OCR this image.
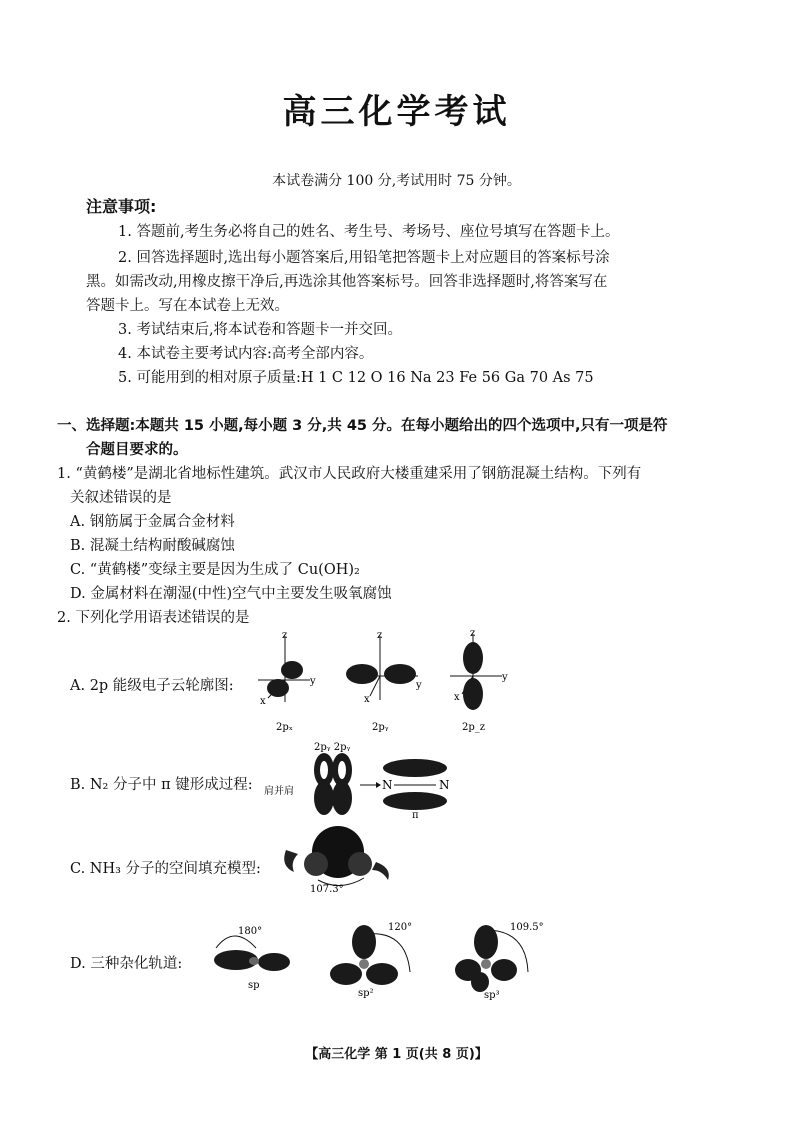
高三化学考试
本试卷满分 100 分,考试用时 75 分钟。
注意事项:
1. 答题前,考生务必将自己的姓名、考生号、考场号、座位号填写在答题卡上。
2. 回答选择题时,选出每小题答案后,用铅笔把答题卡上对应题目的答案标号涂
黑。如需改动,用橡皮擦干净后,再选涂其他答案标号。回答非选择题时,将答案写在
答题卡上。写在本试卷上无效。
3. 考试结束后,将本试卷和答题卡一并交回。
4. 本试卷主要考试内容:高考全部内容。
5. 可能用到的相对原子质量:H 1 C 12 O 16 Na 23 Fe 56 Ga 70 As 75
一、选择题:本题共 15 小题,每小题 3 分,共 45 分。在每小题给出的四个选项中,只有一项是符
合题目要求的。
1. “黄鹤楼”是湖北省地标性建筑。武汉市人民政府大楼重建采用了钢筋混凝土结构。下列有
关叙述错误的是
A. 钢筋属于金属合金材料
B. 混凝土结构耐酸碱腐蚀
C. “黄鹤楼”变绿主要是因为生成了 Cu(OH)₂
D. 金属材料在潮湿(中性)空气中主要发生吸氧腐蚀
2. 下列化学用语表述错误的是
A. 2p 能级电子云轮廓图:
z
y
x
z
y
x
z
y
x
2pₓ	2pᵧ	2p_z
B. N₂ 分子中 π 键形成过程:
2pᵧ 2pᵧ
肩并肩	N	N
π
C. NH₃ 分子的空间填充模型:
107.3°
D. 三种杂化轨道:
180°
sp
120°
sp²
109.5°
sp³
【高三化学 第 1 页(共 8 页)】
